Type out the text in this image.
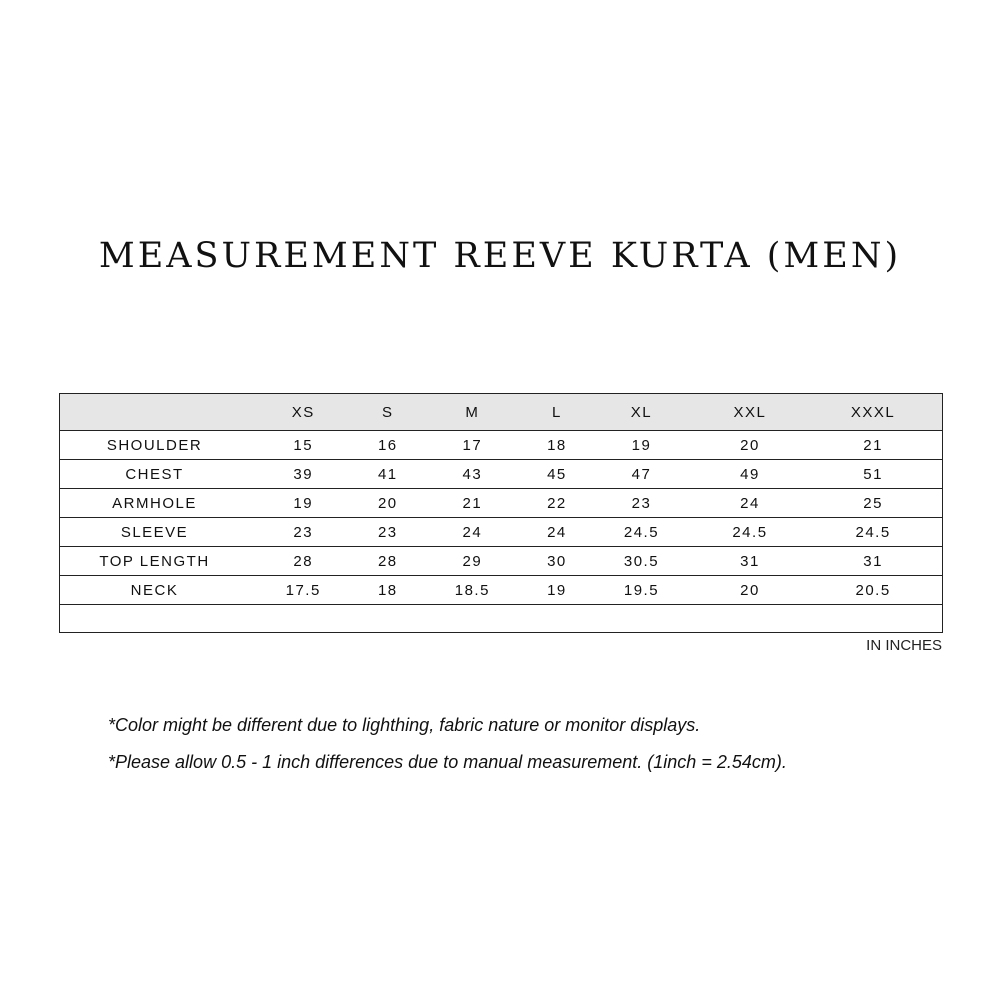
MEASUREMENT REEVE KURTA (MEN)
	XS	S	M	L	XL	XXL	XXXL
SHOULDER	15	16	17	18	19	20	21
CHEST	39	41	43	45	47	49	51
ARMHOLE	19	20	21	22	23	24	25
SLEEVE	23	23	24	24	24.5	24.5	24.5
TOP LENGTH	28	28	29	30	30.5	31	31
NECK	17.5	18	18.5	19	19.5	20	20.5

IN INCHES

*Color might be different due to lighthing, fabric nature or monitor displays.

*Please allow 0.5 - 1 inch differences due to manual measurement. (1inch = 2.54cm).
